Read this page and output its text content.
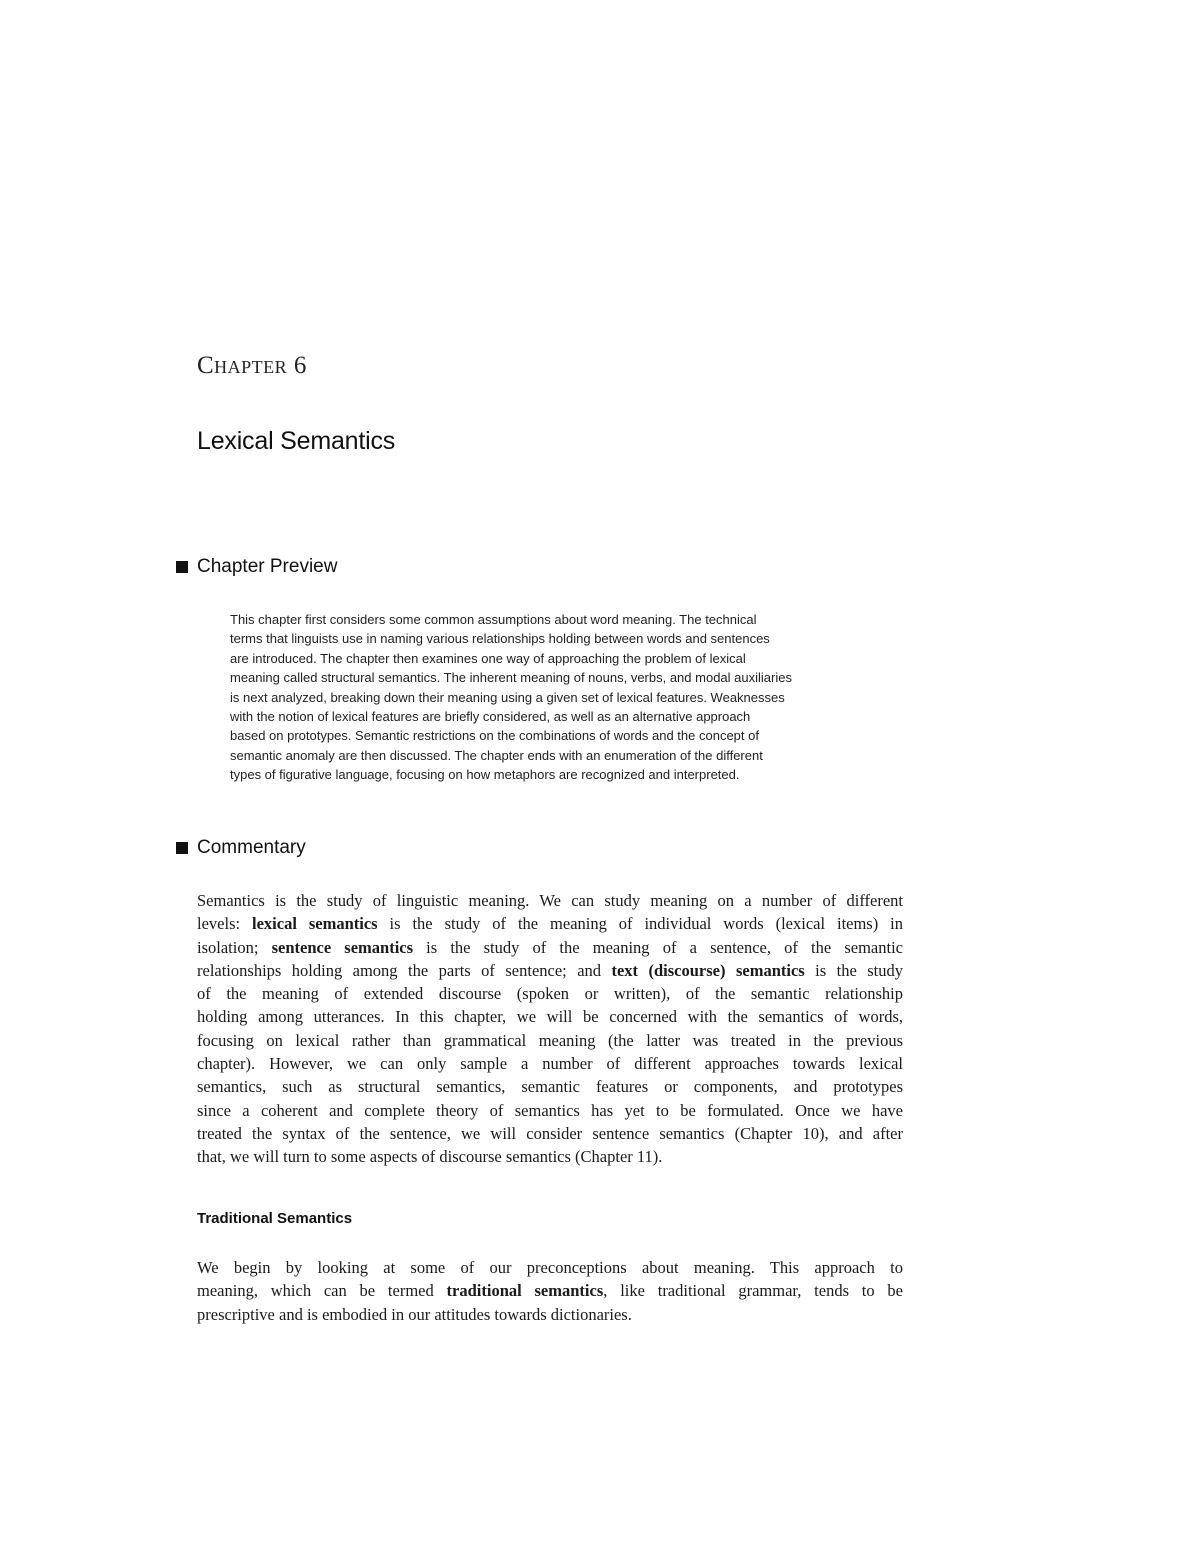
Chapter 6
Lexical Semantics
Chapter Preview
This chapter first considers some common assumptions about word meaning. The technical
terms that linguists use in naming various relationships holding between words and sentences
are introduced. The chapter then examines one way of approaching the problem of lexical
meaning called structural semantics. The inherent meaning of nouns, verbs, and modal auxiliaries
is next analyzed, breaking down their meaning using a given set of lexical features. Weaknesses
with the notion of lexical features are briefly considered, as well as an alternative approach
based on prototypes. Semantic restrictions on the combinations of words and the concept of
semantic anomaly are then discussed. The chapter ends with an enumeration of the different
types of figurative language, focusing on how metaphors are recognized and interpreted.
Commentary
Semantics is the study of linguistic meaning. We can study meaning on a number of different
levels: lexical semantics is the study of the meaning of individual words (lexical items) in
isolation; sentence semantics is the study of the meaning of a sentence, of the semantic
relationships holding among the parts of sentence; and text (discourse) semantics is the study
of the meaning of extended discourse (spoken or written), of the semantic relationship
holding among utterances. In this chapter, we will be concerned with the semantics of words,
focusing on lexical rather than grammatical meaning (the latter was treated in the previous
chapter). However, we can only sample a number of different approaches towards lexical
semantics, such as structural semantics, semantic features or components, and prototypes
since a coherent and complete theory of semantics has yet to be formulated. Once we have
treated the syntax of the sentence, we will consider sentence semantics (Chapter 10), and after
that, we will turn to some aspects of discourse semantics (Chapter 11).
Traditional Semantics
We begin by looking at some of our preconceptions about meaning. This approach to
meaning, which can be termed traditional semantics, like traditional grammar, tends to be
prescriptive and is embodied in our attitudes towards dictionaries.
